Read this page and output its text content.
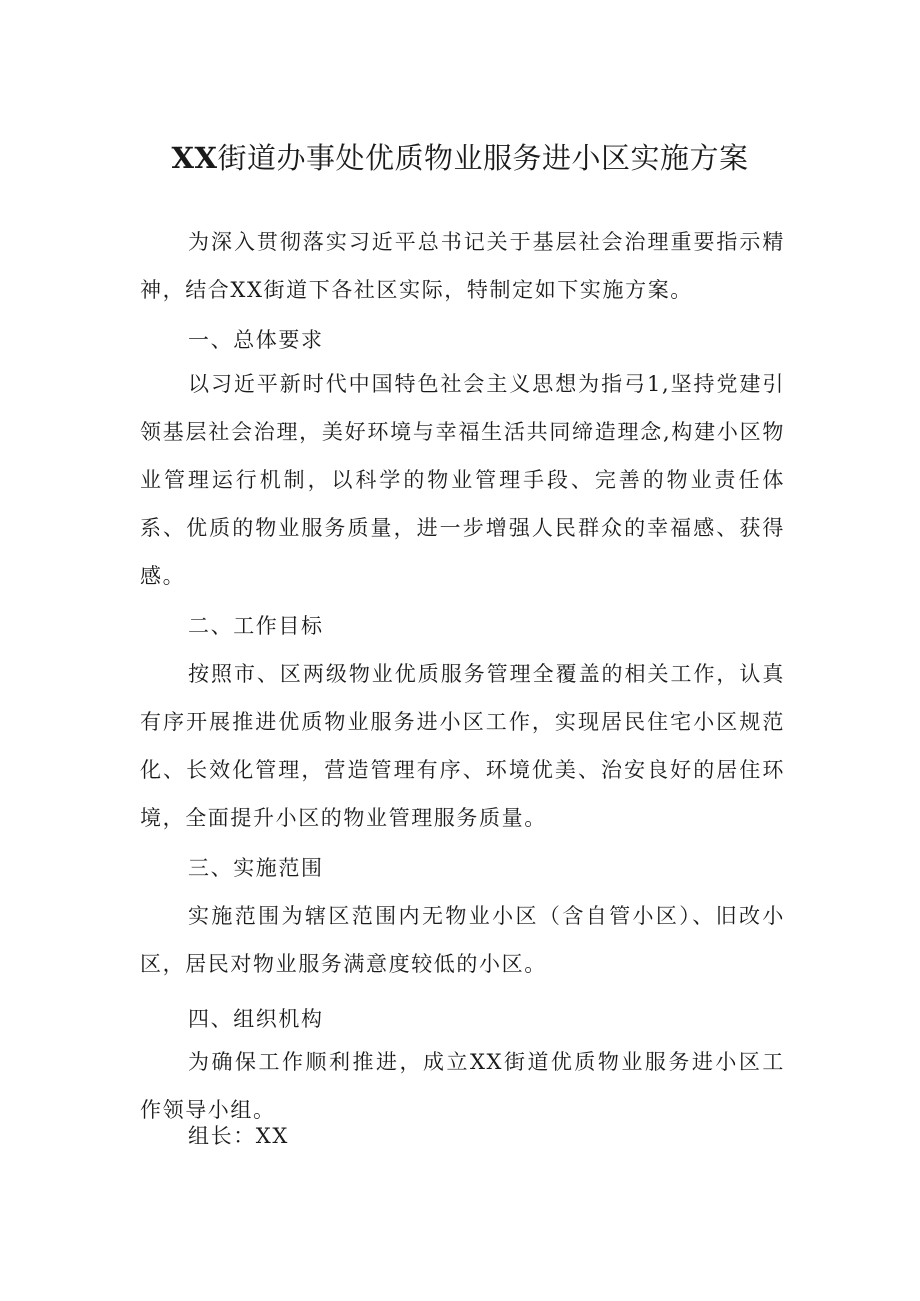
XX街道办事处优质物业服务进小区实施方案

为深入贯彻落实习近平总书记关于基层社会治理重要指示精神，结合XX街道下各社区实际，特制定如下实施方案。

一、总体要求

以习近平新时代中国特色社会主义思想为指弓1,坚持党建引领基层社会治理，美好环境与幸福生活共同缔造理念,构建小区物业管理运行机制，以科学的物业管理手段、完善的物业责任体系、优质的物业服务质量，进一步增强人民群众的幸福感、获得感。

二、工作目标

按照市、区两级物业优质服务管理全覆盖的相关工作，认真有序开展推进优质物业服务进小区工作，实现居民住宅小区规范化、长效化管理，营造管理有序、环境优美、治安良好的居住环境，全面提升小区的物业管理服务质量。

三、实施范围

实施范围为辖区范围内无物业小区（含自管小区）、旧改小区，居民对物业服务满意度较低的小区。

四、组织机构

为确保工作顺利推进，成立XX街道优质物业服务进小区工作领导小组。

组长：XX
